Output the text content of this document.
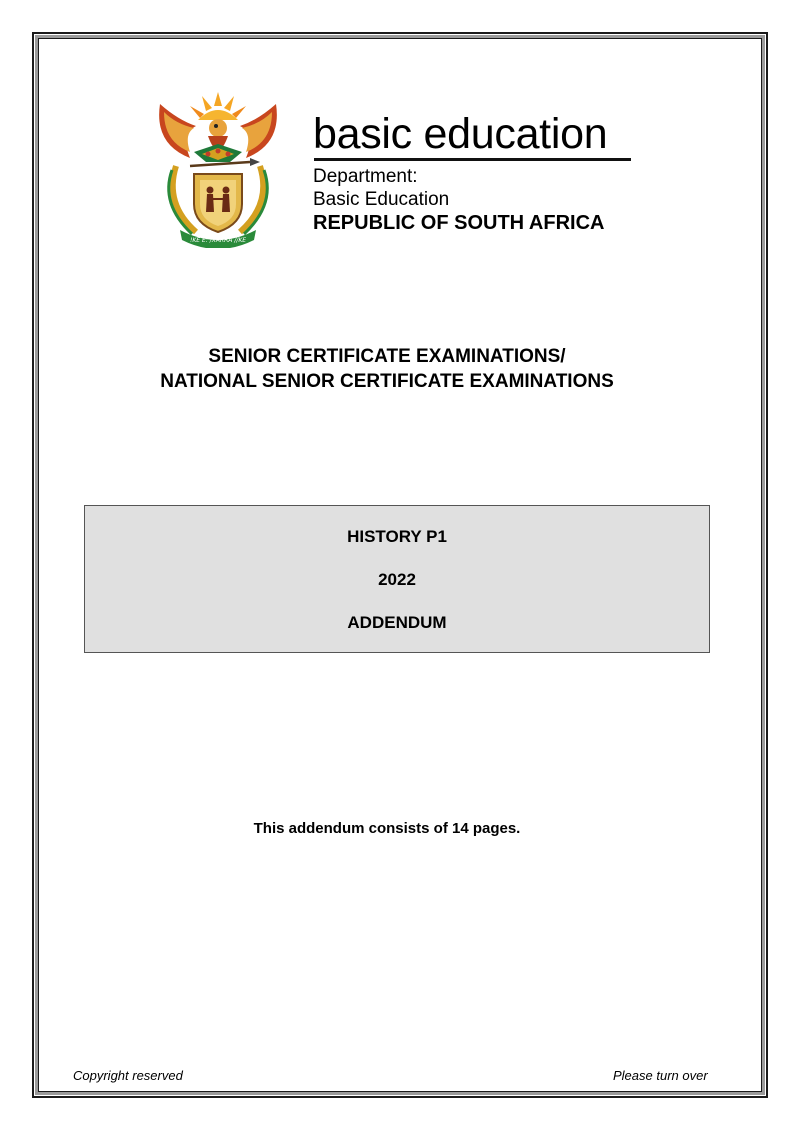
!KE E: /XARRA //KE
basic education
Department:
Basic Education
REPUBLIC OF SOUTH AFRICA
SENIOR CERTIFICATE EXAMINATIONS/
NATIONAL SENIOR CERTIFICATE EXAMINATIONS
HISTORY P1
2022
ADDENDUM
This addendum consists of 14 pages.
Copyright reserved	Please turn over
